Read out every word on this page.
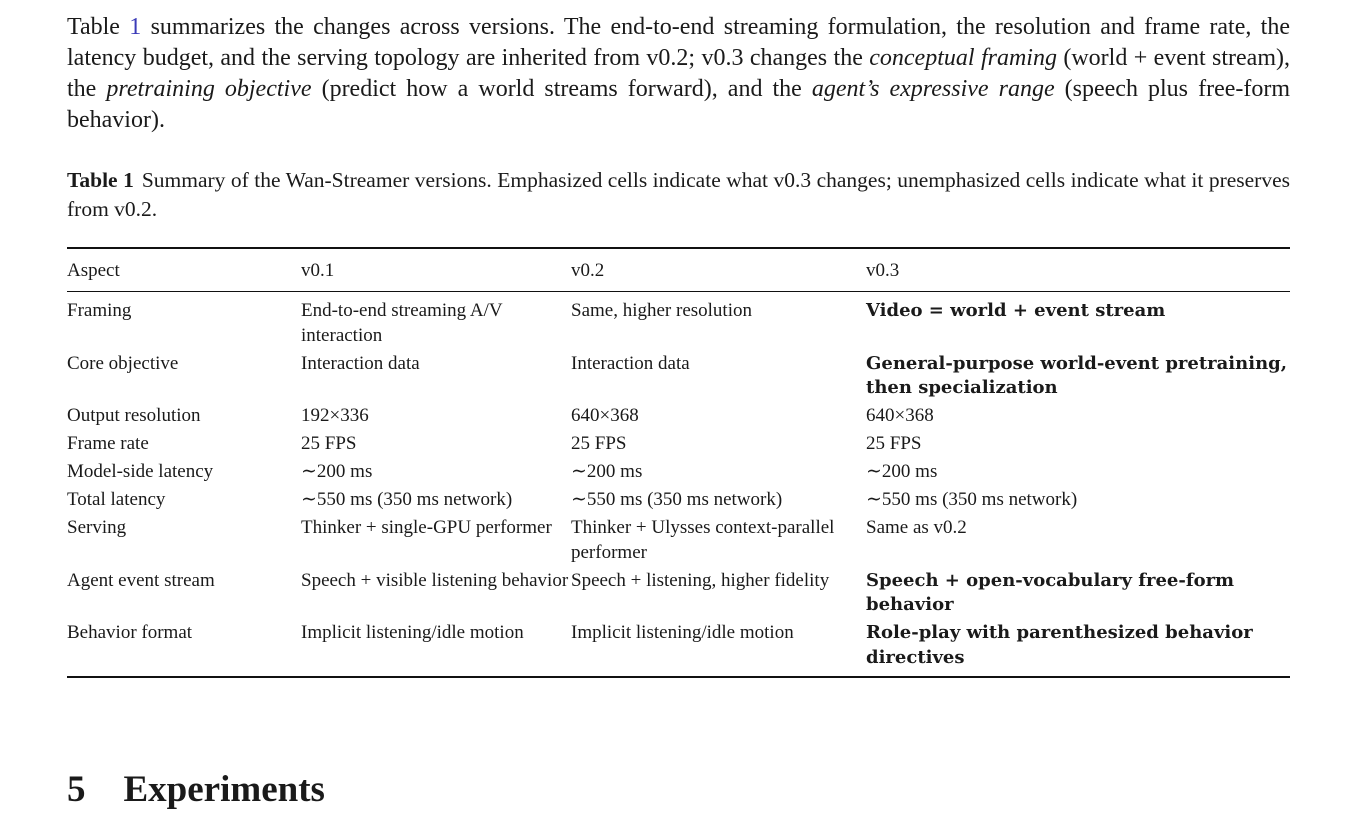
Table 1 summarizes the changes across versions. The end-to-end streaming formulation, the resolution and frame rate, the latency budget, and the serving topology are inherited from v0.2; v0.3 changes the conceptual framing (world + event stream), the pretraining objective (predict how a world streams forward), and the agent’s expressive range (speech plus free-form behavior).

Table 1 Summary of the Wan-Streamer versions. Emphasized cells indicate what v0.3 changes; unemphasized cells indicate what it preserves from v0.2.

Aspect	v0.1	v0.2	v0.3
Framing	End-to-end streaming A/V interaction	Same, higher resolution	Video = world + event stream
Core objective	Interaction data	Interaction data	General-purpose world-event pretraining, then specialization
Output resolution	192×336	640×368	640×368
Frame rate	25 FPS	25 FPS	25 FPS
Model-side latency	∼200 ms	∼200 ms	∼200 ms
Total latency	∼550 ms (350 ms network)	∼550 ms (350 ms network)	∼550 ms (350 ms network)
Serving	Thinker + single-GPU performer	Thinker + Ulysses context-parallel performer	Same as v0.2
Agent event stream	Speech + visible listening behavior	Speech + listening, higher fidelity	Speech + open-vocabulary free-form behavior
Behavior format	Implicit listening/idle motion	Implicit listening/idle motion	Role-play with parenthesized behavior directives
5 Experiments
